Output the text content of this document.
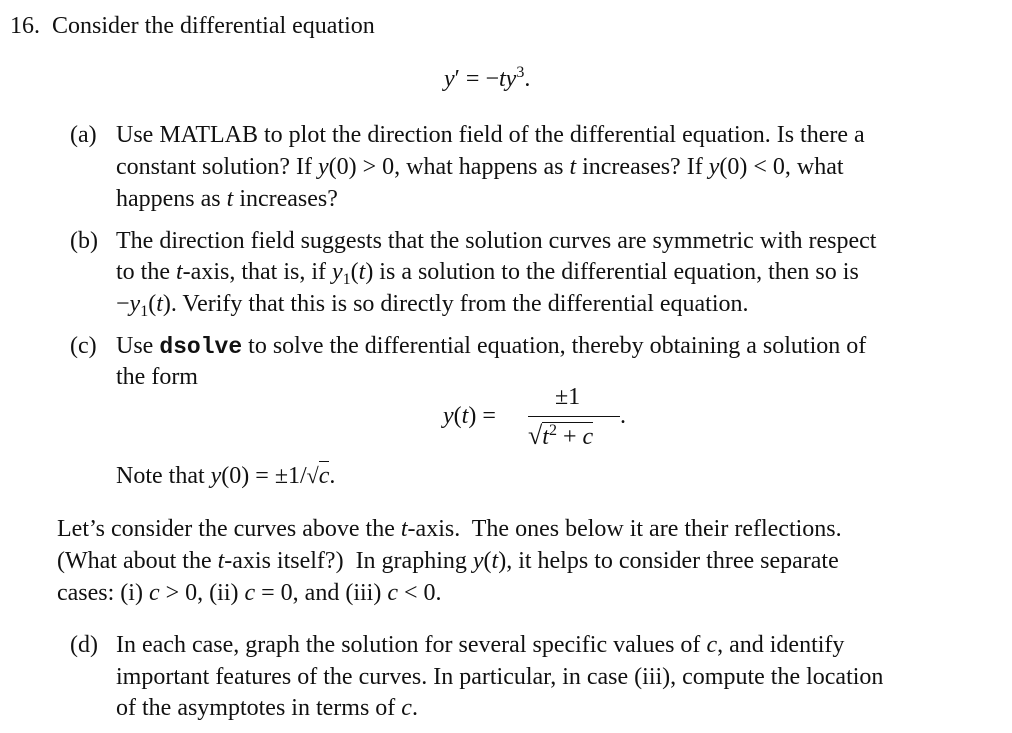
16. Consider the differential equation
$y' = -ty^3$.
(a) Use MATLAB to plot the direction field of the differential equation. Is there a
constant solution? If y(0) > 0, what happens as t increases? If y(0) < 0, what
happens as t increases?
(b) The direction field suggests that the solution curves are symmetric with respect
to the t-axis, that is, if $y_1(t)$ is a solution to the differential equation, then so is
$-y_1(t)$. Verify that this is so directly from the differential equation.
(c) Use dsolve to solve the differential equation, thereby obtaining a solution of
the form
y(t) =
±1
$√t^2 + c$
.
Note that y(0) = ±1/√c.
Let’s consider the curves above the t-axis.  The ones below it are their reflections.
(What about the t-axis itself?)  In graphing y(t), it helps to consider three separate
cases: (i) c > 0, (ii) c = 0, and (iii) c < 0.
(d) In each case, graph the solution for several specific values of c, and identify
important features of the curves. In particular, in case (iii), compute the location
of the asymptotes in terms of c.
